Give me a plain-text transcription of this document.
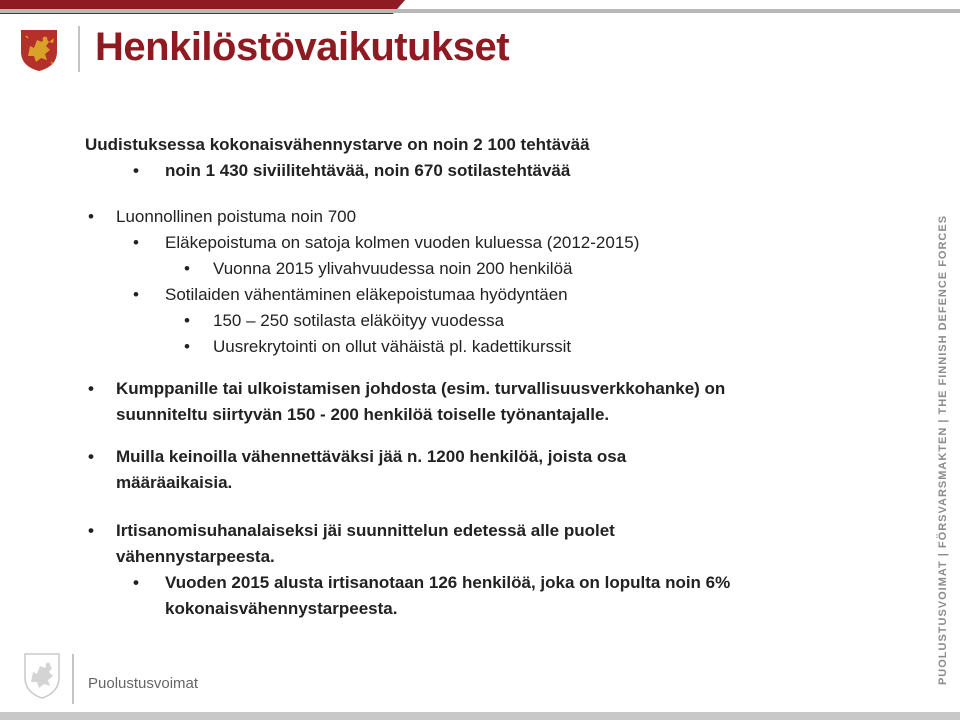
Henkilöstövaikutukset
Uudistuksessa kokonaisvähennystarve on noin 2 100 tehtävää
• noin 1 430 siviilitehtävää, noin 670 sotilastehtävää
• Luonnollinen poistuma noin 700
• Eläkepoistuma on satoja kolmen vuoden kuluessa (2012-2015)
• Vuonna 2015 ylivahvuudessa noin 200 henkilöä
• Sotilaiden vähentäminen eläkepoistumaa hyödyntäen
• 150 – 250 sotilasta eläköityy vuodessa
• Uusrekrytointi on ollut vähäistä pl. kadettikurssit
• Kumppanille tai ulkoistamisen johdosta (esim. turvallisuusverkkohanke) on
suunniteltu siirtyvän 150 - 200 henkilöä toiselle työnantajalle.
• Muilla keinoilla vähennettäväksi jää n. 1200 henkilöä, joista osa
määräaikaisia.
• Irtisanomisuhanalaiseksi jäi suunnittelun edetessä alle puolet
vähennystarpeesta.
• Vuoden 2015 alusta irtisanotaan 126 henkilöä, joka on lopulta noin 6%
kokonaisvähennystarpeesta.	PUOLUSTUSVOIMAT | FÖRSVARSMAKTEN | THE FINNISH DEFENCE FORCES
Puolustusvoimat
